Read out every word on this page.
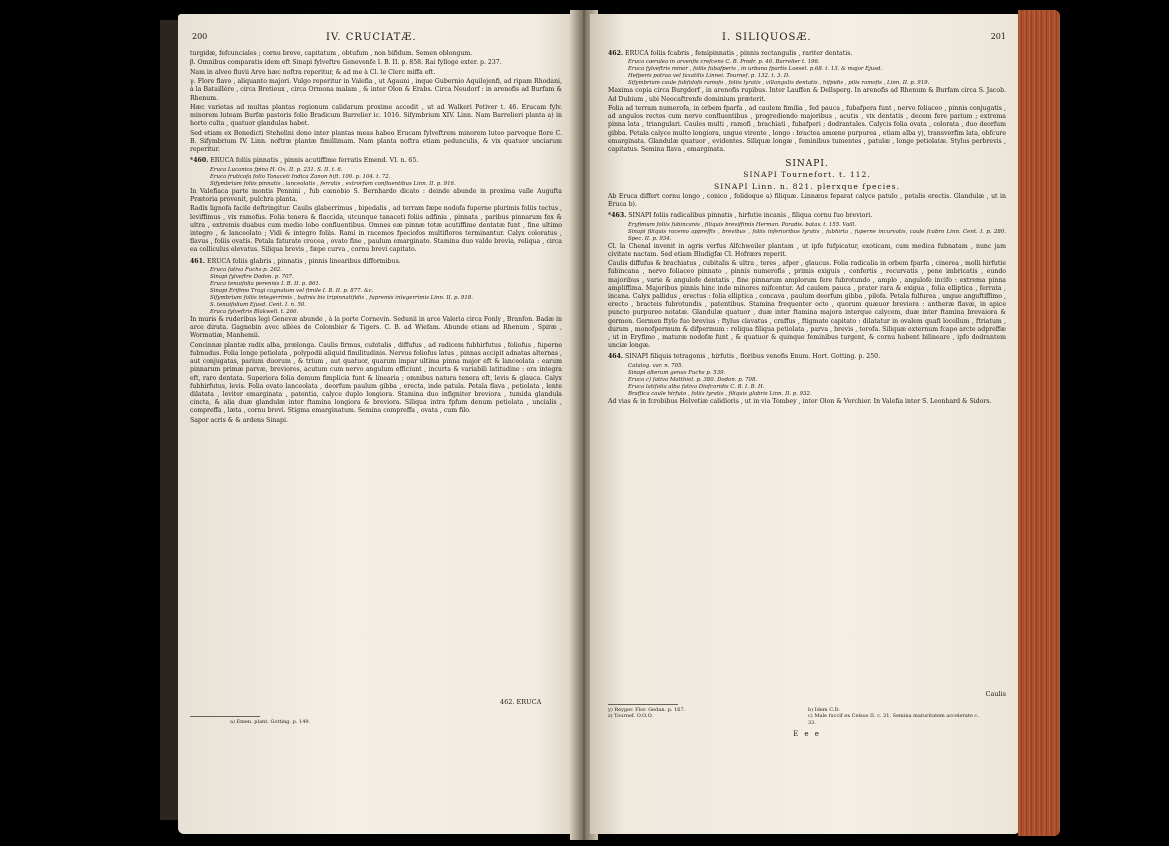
200	IV. CRUCIATÆ.

turgidæ, fefcunciales ; cornu breve, capitatum , obtufum , non bifidum. Semen oblongum.

β. Omnibus comparatis idem eft Sinapi fylveftre Genevenfe I. B. II. p. 858. Rai fylloge exter. p. 237.

Nam in alveo fluvii Arve hæc noftra reperitur, & ad me à Cl. le Clerc miffa eft.

γ. Flore flavo , aliquanto majori. Vulgo reperitur in Valefia , ut Agauni , inque Gubernio Aquilejenfi, ad ripam Rhodani, à la Bataillère , circa Bretieux , circa Ormona malam , & inter Olon & Erabs. Circa Neudorf : in arenofis ad Burfam & Rhenum.

Hæc varietas ad multas plantas regionum calidarum proxime accedit , ut ad Walkeri Petiver t. 46. Erucam fylv. minorem luteam Burfæ pastoris folio Bradicum Barrelier ic. 1016. Sifymbrium XIV. Linn. Nam Barrelieri planta a) in horto culta , quatuor glandulas habet.

Sed etiam ex Benedicti Stehelini dono inter plantas meas habeo Erucam fylveftrem minorem luteo parvoque flore C. B. Sifymbrium IV. Linn. noftræ plantæ fimillimam. Nam planta noftra etiam pedunculis, & vix quatuor unciarum reperitur.

*460. ERUCA foliis pinnatis , pinnis acutiffime ferratis Emend. VI. n. 65.

Eruca Lucanica fpina H. Ox. II. p. 231. S. II. t. 6.

Eruca fruticofa folio Tanaceti Indica Zanon hift. 100. p. 104. t. 72.

Sifymbrium foliis pinnatis , lanceolatis , ferratis , extrorfum confluentibus Linn. II. p. 916.

In Valefiaca parte montis Pennini , fub cœnobio S. Bernhardo dicato : deinde abunde in proxima valle Augufta Prætoria provenit, pulchra planta.

Radix lignofa facile deftringitur. Caulis glaberrimus , bipedalis , ad terram fæpe nodofa fuperne plurimis foliis tectus , leviffimus , vix ramofus. Folia tenera & flaccida, utcunque tanaceti foliis adfinia , pinnata , paribus pinnarum fex & ultra , extremis duabus cum medio lobo confluentibus. Omnes eæ pinnæ totæ acutiffime dentatæ funt , fine ultimo integro , & lanceolato ; Vidi & integro foliis. Rami in racemos fpeciofos multifloros terminantur. Calyx coloratus , flavus , foliis ovatis. Petala faturate crocea , ovato fine , paulum emarginato. Stamina duo valde brevia, reliqua , circa ea colliculus elevatus. Siliqua brevis , fæpe curva , cornu brevi capitato.

461. ERUCA foliis glabris , pinnatis , pinnis linearibus difformibus.

Eruca fativa Fuchs p. 262.

Sinapi fylveftre Dodon. p. 707.

Eruca tenuifolia perennis I. B. II. p. 861.

Sinapi Erifimo Tragi cognatum vel fimile I. B. II. p. 877. &c.

Sifymbrium foliis integerrimis , bafinis bis tripinnatifidis , fupremis integerrimis Linn. II. p. 918.

S. tenuifolium Ejusd. Cent. I. n. 50.

Eruca fylveftris Blakwell. t. 266.

In muris & ruderibus legi Genevæ abunde , à la porte Cornevin. Sedunii in arce Valeria circa Fonly , Branfon. Badæ in arce diruta. Gagnebin avec allées de Colombier & Tigers. C. B. ad Wiefam. Abunde etiam ad Rhenum , Spiræ , Wormatiæ, Manhemii.

Concinnæ plantæ radix alba, prælonga. Caulis firmus, cubitalis , diffufus , ad radicem fubhirfutus , foliofus , fuperne fubnudus. Folia longe petiolata , polypodii aliquid fimilitudinis. Nervus foliofus latus , pinnas accipit adnatas alternas , aut conjugatas, parium duorum , & trium , aut quatuor, quarum impar ultima pinna major eft & lanceolata : earum pinnarum primæ parvæ, breviores, acutum cum nervo angulum efficiunt , incurta & variabili latitudine : ora integra eft, raro dentata. Superiora folia demum fimplicia funt & linearia ; omnibus natura tenera eft, levis & glauca. Calyx fubhirfutus, levis. Folia ovato lanceolata , deorfum paulum gibba , erecta, inde patula. Petala flava , petiolata , lente dilatata , leviter emarginata , patentia, calyce duplo longiora. Stamina duo infigniter breviora , tumida glandula cincta, & alia duæ glandulæ inter ftamina longiora & breviora. Siliqua intra fpfum denum petiolata , uncialis , compreffa , læta , cornu brevi. Stigma emarginatum. Semina compreffa , ovata , cum filo.

Sapor acris & & ardens Sinapi.

462. ERUCA
a) Emen. plant. Gotting. p. 149.
I. SILIQUOSÆ.	201

462. ERUCA foliis fcabris , femipinnatis , pinnis rectangulis , rariter dentatis.

Eruca cærulea in arvenfis crefcens C. B. Prodr. p. 40. Barrelier t. 196.

Eruca fylveftris minor , foliis fubafperis , in urbana fpartis Loesel. p.68. t. 13. & major Ejusd.

Hefperis potraa vel faxatilis Linnei. Tournef. p. 132. t. 3. D.

Sifymbrium caule fubfolofo ramofo , foliis lyratis , villangulis dentatis , hifpidis , pilis ramofis , Linn. II. p. 919.

Maxima copia circa Burgdorf , in arenofis rupibus. Inter Lauffen & Dellsperg. In arenofis ad Rhenum & Burfam circa S. Jacob. Ad Dubium , ubi Neocaftrenfe dominium præterit.

Folia ad terram numerofa, in orbem fparfa , ad caulem fimilia , fed pauca , fubafpera funt , nervo foliaceo , pinnis conjugatis , ad angulos rectos cum nervo confluentibus , progrediendo majoribus , acutis , vix dentatis , decem fere parium ; extrema pinna lata , triangulari. Caules multi , ramofi , brachiati , fubafperi ; dodrantales. Calycis folia ovata , colorata , duo deorfum gibba. Petala calyce multo longiora, ungue virente , longo : bractea amœne purpurea , etiam alba y), transverfim lata, obfcure emarginata. Glandulæ quatuor , evidentes. Siliquæ longæ , feminibus tumentes , patulæ , longe petiolatæ. Stylus perbrevis , capitatus. Semina flava , emarginata.

SINAPI.

SINAPI Tournefort. t. 112.

SINAPI Linn. n. 821. plerxque fpecies.

Ab Eruca differt cornu longo , conico , folidoque a) filiquæ. Linnæus feparat calyce patulo , petalis erectis. Glandulæ , ut in Eruca b).

*463. SINAPI foliis radicalibus pinnatis , hirfutie incanis , filiqua cornu fuo breviori.

Eryfimum foliis fubincanis , filiquis breviffimis Herman. Paradis. batav. t. 155. Vaill.

Sinapi filiquis racemo appreffis , brevibus , foliis inferioribus lyratis , fubhirta , fuperne incurvatis, caule fcabro Linn. Cent. I. p. 280. Spec. II. p. 934.

Cl. la Chenal invenit in agris verfus Alfchweiler plantam , ut ipfe fufpicatur, exoticam, cum medica fubnatam , nunc jam civitate nactam. Sed etiam Bludigfæ Cl. Hofrærs reperit.

Caulis diffufus & brachiatus , cubitalis & ultra , teres , afper , glaucus. Folia radicalia in orbem fparfa , cinerea , molli hirfutie fubincana , nervo foliaceo pinnato , pinnis numerofis , primis exiguis , confertis , recurvatis , pene imbricatis , eundo majoribus , varie & angulofe dentatis , fine pinnarum amplorum fere fubrotundo , amplo , angulofe incifo : extrema pinna ampliffima. Majoribus pinnis hinc inde minores mifcentur. Ad caulem pauca , prater rara & exigua , folia elliptica , ferrata , incana. Calyx pallidus , erectus : folia elliptica , concava , paulum deorfum gibba , pilofa. Petala fulfurea , ungue anguftiffimo , erecto , bracteis fubrotundis , patentibus. Stamina frequenter octo , quorum quæuor breviora : antheræ flavæ, in apice puncto purpureo notatæ. Glandulæ quatuor , duæ inter ftamina majora interque calycem, duæ inter ftamina brevaiora & germen. Germen ftylo fuo brevius : ftylus clavatus , craffus , ftigmate capitato : dilatatur in ovalem quafi locellum , ftriatum , durum , monofpermum & difpermum : reliqua filiqua petiolata , parva , brevis , torofa. Siliquæ externum fcapo arcte adpreffæ , ut in Eryfimo , maturæ nodofæ funt , & quatuor & quinque feminibus turgent, & cornu habent bilineare , ipfo dodrantem unciæ longæ.

464. SINAPI filiquis tetragonis , hirfutis , floribus venofis Enum. Hort. Gotting. p. 250.

Catalog. var. n. 705.

Sinapi alterum genus Fuchs p. 539.

Eruca c) fativa Matthiol. p. 380. Dodon. p. 708.

Eruca latifolia alba fativa Diofcoridis C. B. I. B. H.

Braffica caule hirfuto , foliis lyratis , filiquis glabris Linn. II. p. 932.

Ad vias & in fcrobibus Helvetiæ calidioris , ut in via Tombey , inter Olon & Verchier. In Valefia inter S. Leonhard & Sidors.

Caulis
y) Reyger. Flor. Gedan. p. 167.
z) Tournef. O.O.O.
b) Idem C.D.
c) Male fuccif ex Celsus II. c. 21. Semina maturitatem accelerate c. 33.
E e e
